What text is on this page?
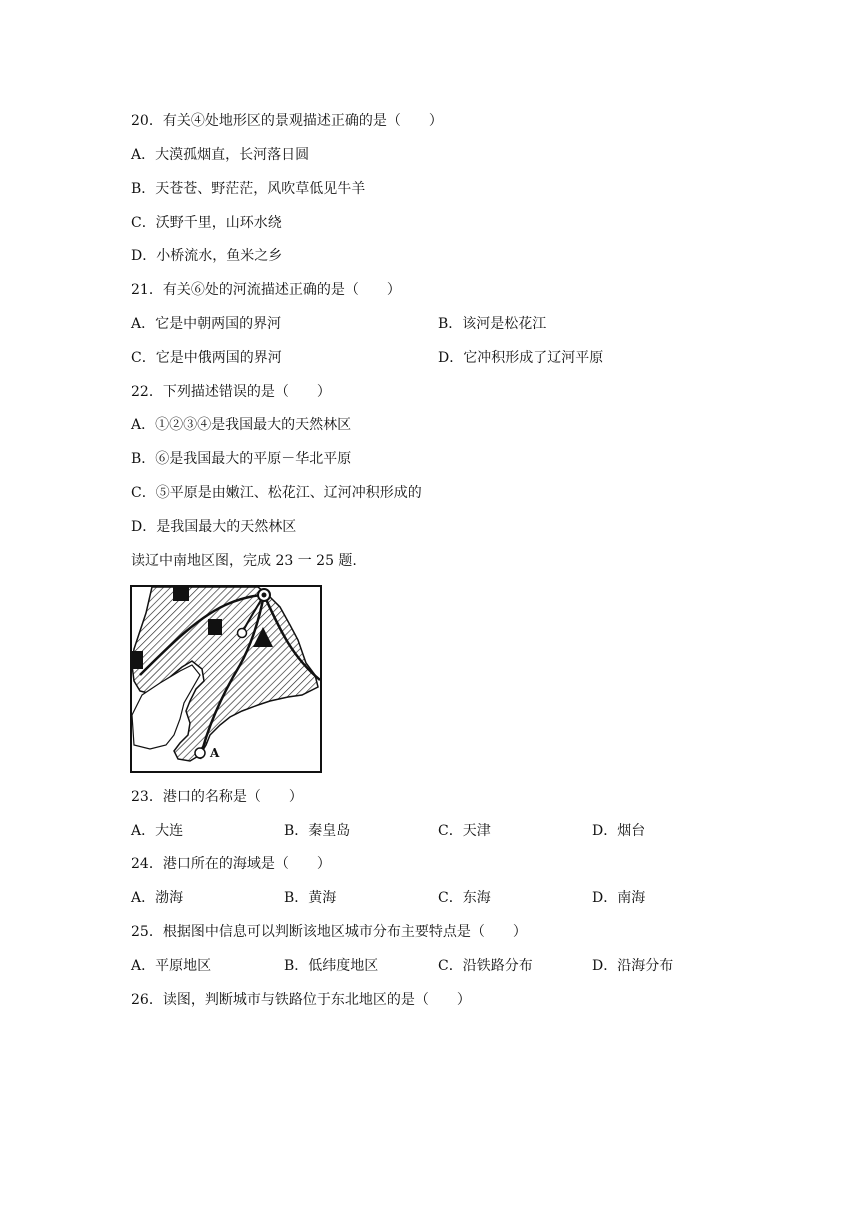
20．有关④处地形区的景观描述正确的是（　　）
A．大漠孤烟直，长河落日圆
B．天苍苍、野茫茫，风吹草低见牛羊
C．沃野千里，山环水绕
D．小桥流水，鱼米之乡
21．有关⑥处的河流描述正确的是（　　）
A．它是中朝两国的界河	B．该河是松花江
C．它是中俄两国的界河	D．它冲积形成了辽河平原
22．下列描述错误的是（　　）
A．①②③④是我国最大的天然林区
B．⑥是我国最大的平原－华北平原
C．⑤平原是由嫩江、松花江、辽河冲积形成的
D．是我国最大的天然林区
读辽中南地区图，完成 23 一 25 题.
A
23．港口的名称是（　　）
A．大连	B．秦皇岛	C．天津	D．烟台
24．港口所在的海域是（　　）
A．渤海	B．黄海	C．东海	D．南海
25．根据图中信息可以判断该地区城市分布主要特点是（　　）
A．平原地区	B．低纬度地区	C．沿铁路分布	D．沿海分布
26．读图，判断城市与铁路位于东北地区的是（　　）
